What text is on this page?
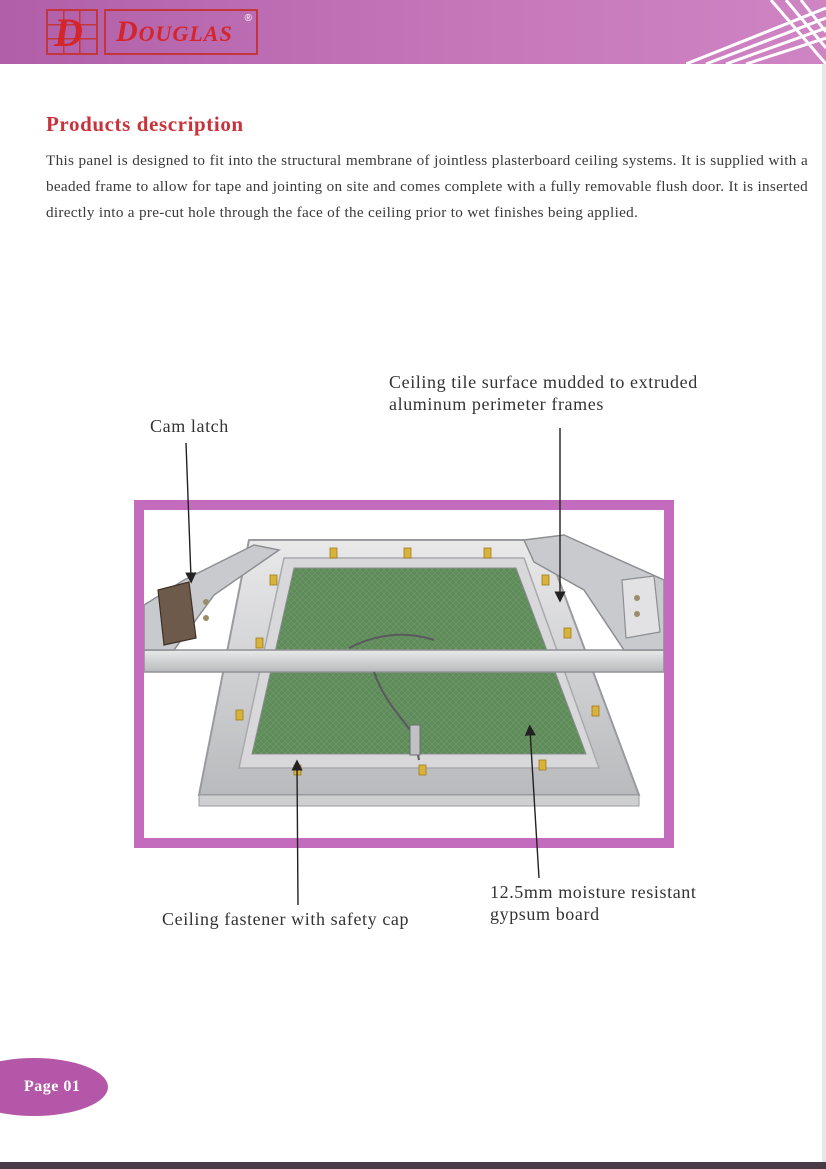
D DOUGLAS
®
Products description

This panel is designed to fit into the structural membrane of jointless plasterboard ceiling systems. It is supplied with a beaded frame to allow for tape and jointing on site and comes complete with a fully removable flush door. It is inserted directly into a pre-cut hole through the face of the ceiling prior to wet finishes being applied.

Ceiling tile surface mudded to extruded

aluminum perimeter frames

Cam latch

12.5mm moisture resistant

gypsum board

Ceiling fastener with safety cap

Page 01
